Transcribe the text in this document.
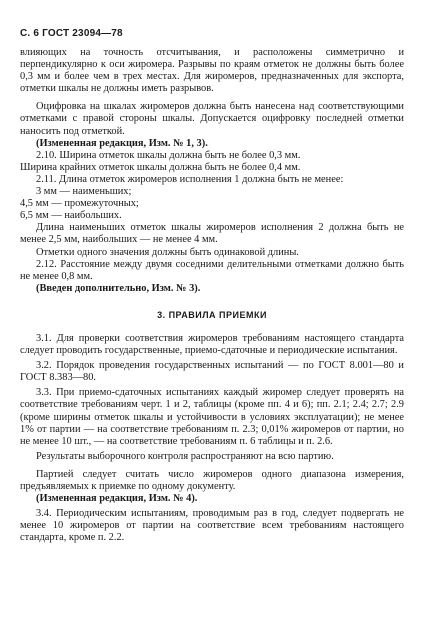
С. 6 ГОСТ 23094—78

влияющих на точность отсчитывания, и расположены симметрично и перпендикулярно к оси жиромера. Разрывы по краям отметок не должны быть более 0,3 мм и более чем в трех местах. Для жиромеров, предназначенных для экспорта, отметки шкалы не должны иметь разрывов.

Оцифровка на шкалах жиромеров должна быть нанесена над соответствующими отметками с правой стороны шкалы. Допускается оцифровку последней отметки наносить под отметкой.

(Измененная редакция, Изм. № 1, 3).

2.10. Ширина отметок шкалы должна быть не более 0,3 мм.
Ширина крайних отметок шкалы должна быть не более 0,4 мм.

2.11. Длина отметок жиромеров исполнения 1 должна быть не менее:

3 мм — наименьших;
4,5 мм — промежуточных;
6,5 мм — наибольших.

Длина наименьших отметок шкалы жиромеров исполнения 2 должна быть не менее 2,5 мм, наибольших — не менее 4 мм.

Отметки одного значения должны быть одинаковой длины.

2.12. Расстояние между двумя соседними делительными отметками должно быть не менее 0,8 мм.

(Введен дополнительно, Изм. № 3).

3. ПРАВИЛА ПРИЕМКИ

3.1. Для проверки соответствия жиромеров требованиям настоящего стандарта следует проводить государственные, приемо-сдаточные и периодические испытания.

3.2. Порядок проведения государственных испытаний — по ГОСТ 8.001—80 и ГОСТ 8.383—80.

3.3. При приемо-сдаточных испытаниях каждый жиромер следует проверять на соответствие требованиям черт. 1 и 2, таблицы (кроме пп. 4 и 6); пп. 2.1; 2.4; 2.7; 2.9 (кроме ширины отметок шкалы и устойчивости в условиях эксплуатации); не менее 1% от партии — на соответствие требованиям п. 2.3; 0,01% жиромеров от партии, но не менее 10 шт., — на соответствие требованиям п. 6 таблицы и п. 2.6.

Результаты выборочного контроля распространяют на всю партию.

Партией следует считать число жиромеров одного диапазона измерения, предъявляемых к приемке по одному документу.

(Измененная редакция, Изм. № 4).

3.4. Периодическим испытаниям, проводимым раз в год, следует подвергать не менее 10 жиромеров от партии на соответствие всем требованиям настоящего стандарта, кроме п. 2.2.
